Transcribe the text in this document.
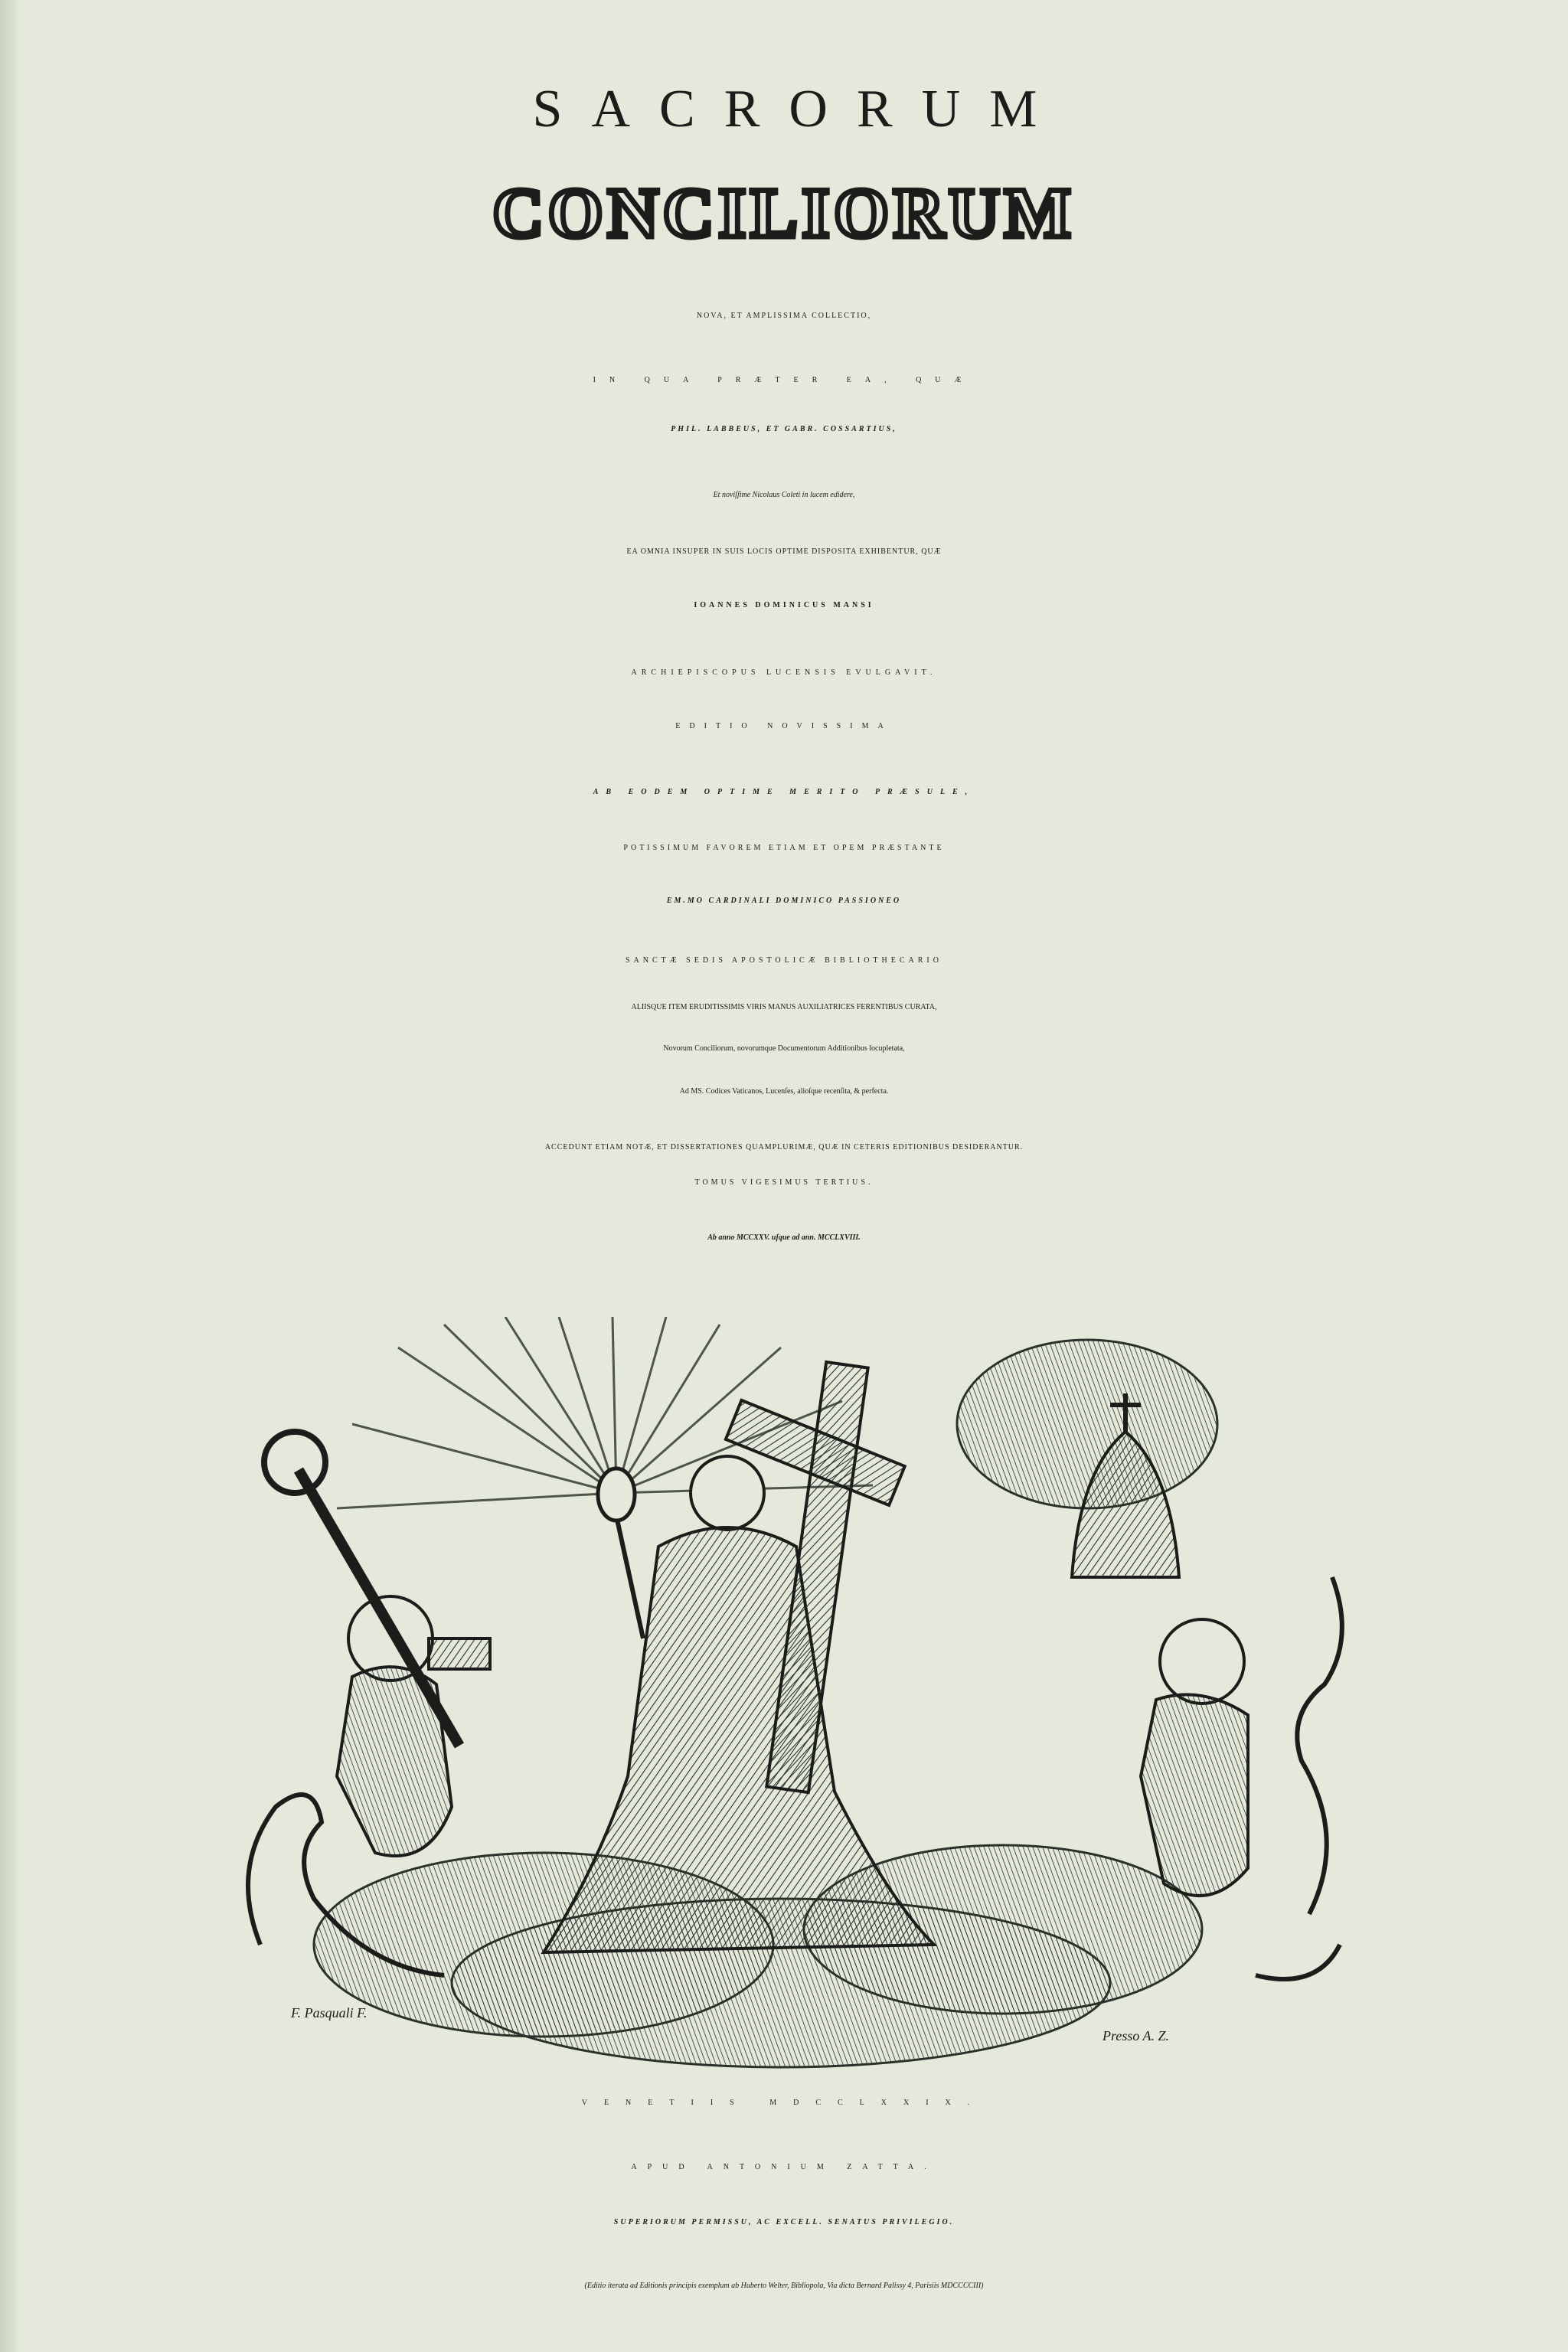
SACRORUM
CONCILIORUM
NOVA, ET AMPLISSIMA COLLECTIO,
IN QUA PRÆTER EA, QUÆ
PHIL. LABBEUS, ET GABR. COSSARTIUS,
Et noviſſime Nicolaus Coleti in lucem edidere,
EA OMNIA INSUPER IN SUIS LOCIS OPTIME DISPOSITA EXHIBENTUR, QUÆ
IOANNES DOMINICUS MANSI
ARCHIEPISCOPUS LUCENSIS EVULGAVIT.
EDITIO NOVISSIMA
AB EODEM OPTIME MERITO PRÆSULE,
POTISSIMUM FAVOREM ETIAM ET OPEM PRÆSTANTE
EM.MO CARDINALI DOMINICO PASSIONEO
SANCTÆ SEDIS APOSTOLICÆ BIBLIOTHECARIO
ALIISQUE ITEM ERUDITISSIMIS VIRIS MANUS AUXILIATRICES FERENTIBUS CURATA,
Novorum Conciliorum, novorumque Documentorum Additionibus locupletata,
Ad MS. Codices Vaticanos, Lucenſes, alioſque recenſita, & perfecta.
ACCEDUNT ETIAM NOTÆ, ET DISSERTATIONES QUAMPLURIMÆ, QUÆ IN CETERIS EDITIONIBUS DESIDERANTUR.
TOMUS VIGESIMUS TERTIUS.
Ab anno MCCXXV. uſque ad ann. MCCLXVIII.
F. Pasquali F.
Presso A. Z.
VENETIIS MDCCLXXIX.
APUD ANTONIUM ZATTA.
SUPERIORUM PERMISSU, AC EXCELL. SENATUS PRIVILEGIO.
(Editio iterata ad Editionis principis exemplum ab Huberto Welter, Bibliopola, Via dicta Bernard Palissy 4, Parisiis MDCCCCIII)
